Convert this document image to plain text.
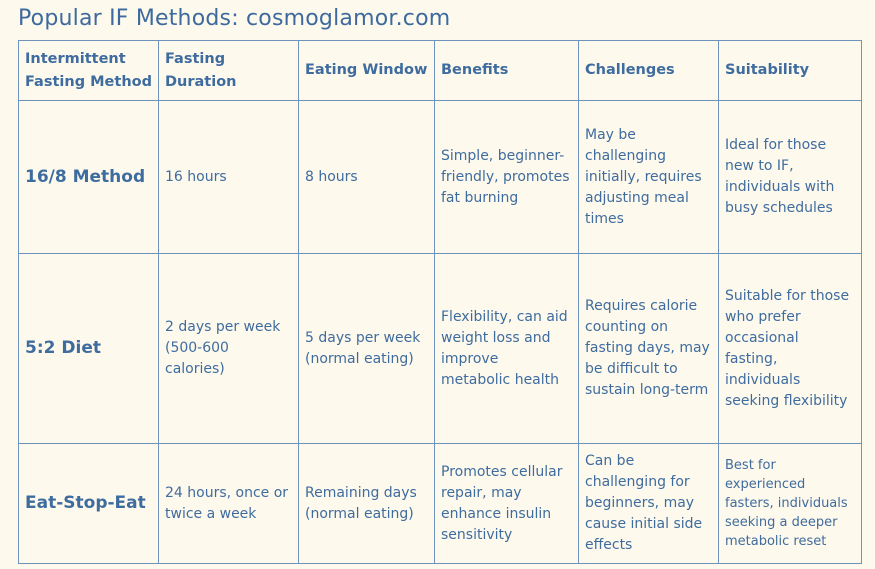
Popular IF Methods: cosmoglamor.com
Intermittent Fasting Method	Fasting Duration	Eating Window	Benefits	Challenges	Suitability
16/8 Method	16 hours	8 hours	Simple, beginner-friendly, promotes fat burning	May be challenging initially, requires adjusting meal times	Ideal for those new to IF, individuals with busy schedules
5:2 Diet	2 days per week (500-600 calories)	5 days per week (normal eating)	Flexibility, can aid weight loss and improve metabolic health	Requires calorie counting on fasting days, may be difficult to sustain long-term	Suitable for those who prefer occasional fasting, individuals seeking flexibility
Eat-Stop-Eat	24 hours, once or twice a week	Remaining days (normal eating)	Promotes cellular repair, may enhance insulin sensitivity	Can be challenging for beginners, may cause initial side effects	Best for experienced fasters, individuals seeking a deeper metabolic reset
